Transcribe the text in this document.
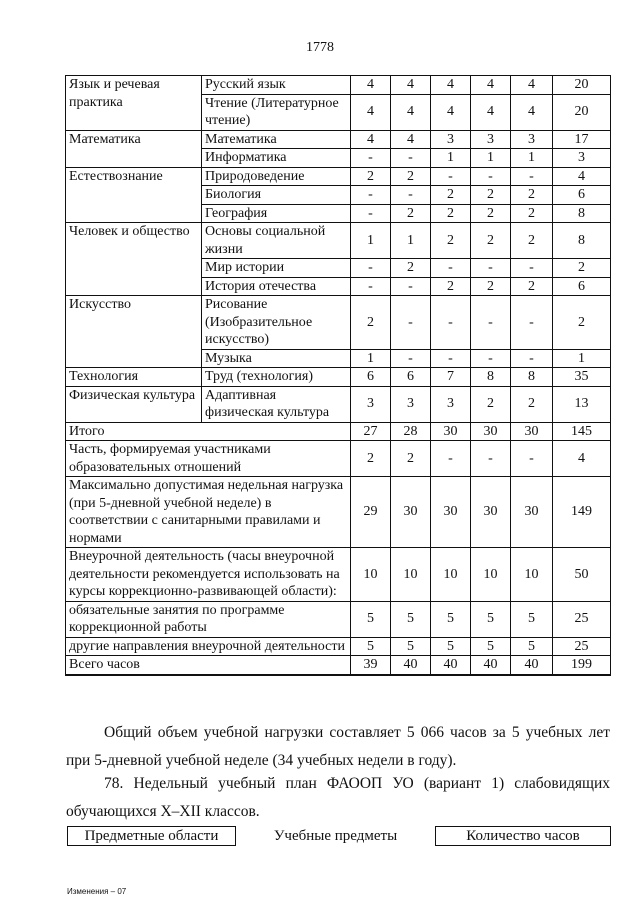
1778
Язык и речевая практика	Русский язык	4	4	4	4	4	20
	Чтение (Литературное чтение)	4	4	4	4	4	20
Математика	Математика	4	4	3	3	3	17
	Информатика	-	-	1	1	1	3
Естествознание	Природоведение	2	2	-	-	-	4
	Биология	-	-	2	2	2	6
	География	-	2	2	2	2	8
Человек и общество	Основы социальной жизни	1	1	2	2	2	8
	Мир истории	-	2	-	-	-	2
	История отечества	-	-	2	2	2	6
Искусство	Рисование (Изобразительное искусство)	2	-	-	-	-	2
	Музыка	1	-	-	-	-	1
Технология	Труд (технология)	6	6	7	8	8	35
Физическая культура	Адаптивная физическая культура	3	3	3	2	2	13
Итого		27	28	30	30	30	145
Часть, формируемая участниками образовательных отношений		2	2	-	-	-	4
Максимально допустимая недельная нагрузка (при 5-дневной учебной неделе) в соответствии с санитарными правилами и нормами		29	30	30	30	30	149
Внеурочной деятельность (часы внеурочной деятельности рекомендуется использовать на курсы коррекционно-развивающей области):		10	10	10	10	10	50
обязательные занятия по программе коррекционной работы		5	5	5	5	5	25
другие направления внеурочной деятельности		5	5	5	5	5	25
Всего часов		39	40	40	40	40	199
Общий объем учебной нагрузки составляет 5 066 часов за 5 учебных лет при 5-дневной учебной неделе (34 учебных недели в году).
78. Недельный учебный план ФАООП УО (вариант 1) слабовидящих обучающихся X–XII классов.
Предметные области	Учебные предметы	Количество часов
Изменения – 07
